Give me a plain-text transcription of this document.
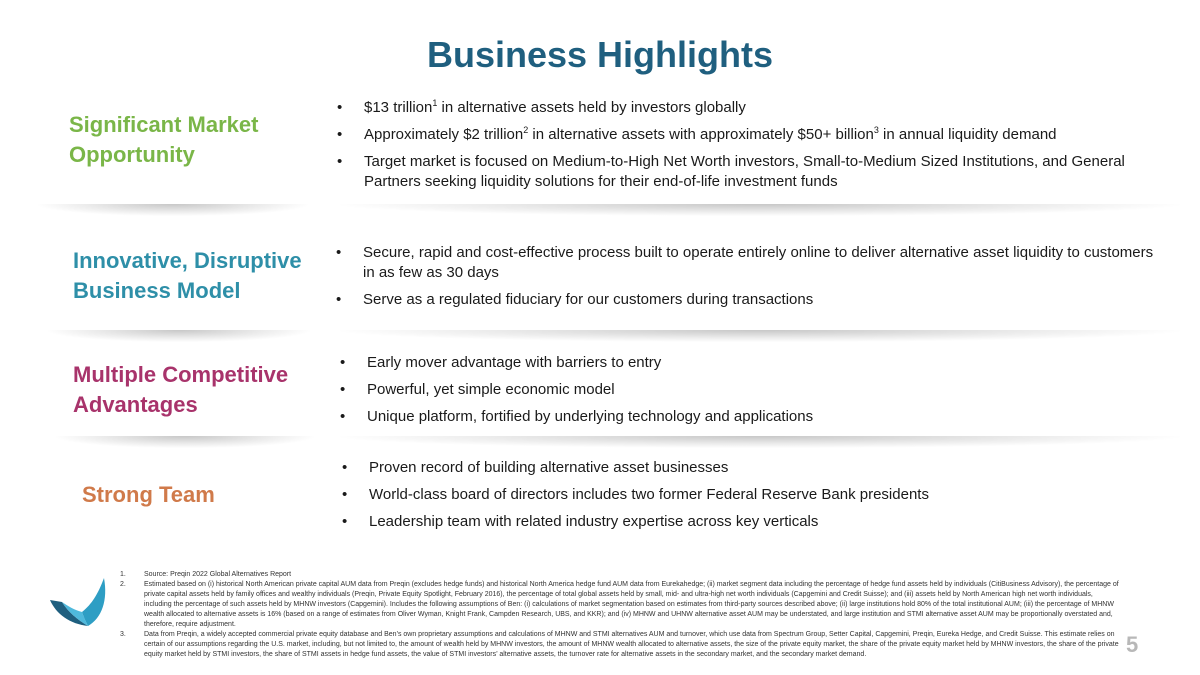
Business Highlights
Significant Market Opportunity
• $13 trillion$^1$ in alternative assets held by investors globally
• Approximately $2 trillion$^2$ in alternative assets with approximately $50+ billion$^3$ in annual liquidity demand
• Target market is focused on Medium-to-High Net Worth investors, Small-to-Medium Sized Institutions, and General Partners seeking liquidity solutions for their end-of-life investment funds
Innovative, Disruptive Business Model
• Secure, rapid and cost-effective process built to operate entirely online to deliver alternative asset liquidity to customers in as few as 30 days
• Serve as a regulated fiduciary for our customers during transactions
Multiple Competitive Advantages
• Early mover advantage with barriers to entry
• Powerful, yet simple economic model
• Unique platform, fortified by underlying technology and applications
Strong Team
• Proven record of building alternative asset businesses
• World-class board of directors includes two former Federal Reserve Bank presidents
• Leadership team with related industry expertise across key verticals
1.	Source: Preqin 2022 Global Alternatives Report
2.	Estimated based on (i) historical North American private capital AUM data from Preqin (excludes hedge funds) and historical North America hedge fund AUM data from Eurekahedge; (ii) market segment data including the percentage of hedge fund assets held by individuals (CitiBusiness Advisory), the percentage of private capital assets held by family offices and wealthy individuals (Preqin, Private Equity Spotlight, February 2016), the percentage of total global assets held by small, mid- and ultra-high net worth individuals (Capgemini and Credit Suisse); and (iii) assets held by North American high net worth individuals, including the percentage of such assets held by MHNW investors (Capgemini). Includes the following assumptions of Ben: (i) calculations of market segmentation based on estimates from third-party sources described above; (ii) large institutions hold 80% of the total institutional AUM; (iii) the percentage of MHNW wealth allocated to alternative assets is 16% (based on a range of estimates from Oliver Wyman, Knight Frank, Campden Research, UBS, and KKR); and (iv) MHNW and UHNW alternative asset AUM may be understated, and large institution and STMI alternative asset AUM may be proportionally overstated and, therefore, require adjustment.
3.	Data from Preqin, a widely accepted commercial private equity database and Ben’s own proprietary assumptions and calculations of MHNW and STMI alternatives AUM and turnover, which use data from Spectrum Group, Setter Capital, Capgemini, Preqin, Eureka Hedge, and Credit Suisse. This estimate relies on certain of our assumptions regarding the U.S. market, including, but not limited to, the amount of wealth held by MHNW investors, the amount of MHNW wealth allocated to alternative assets, the size of the private equity market, the share of the private equity market held by MHNW investors, the share of the private equity market held by STMI investors, the share of STMI assets in hedge fund assets, the value of STMI investors’ alternative assets, the turnover rate for alternative assets in the secondary market, and the secondary market demand.	5
